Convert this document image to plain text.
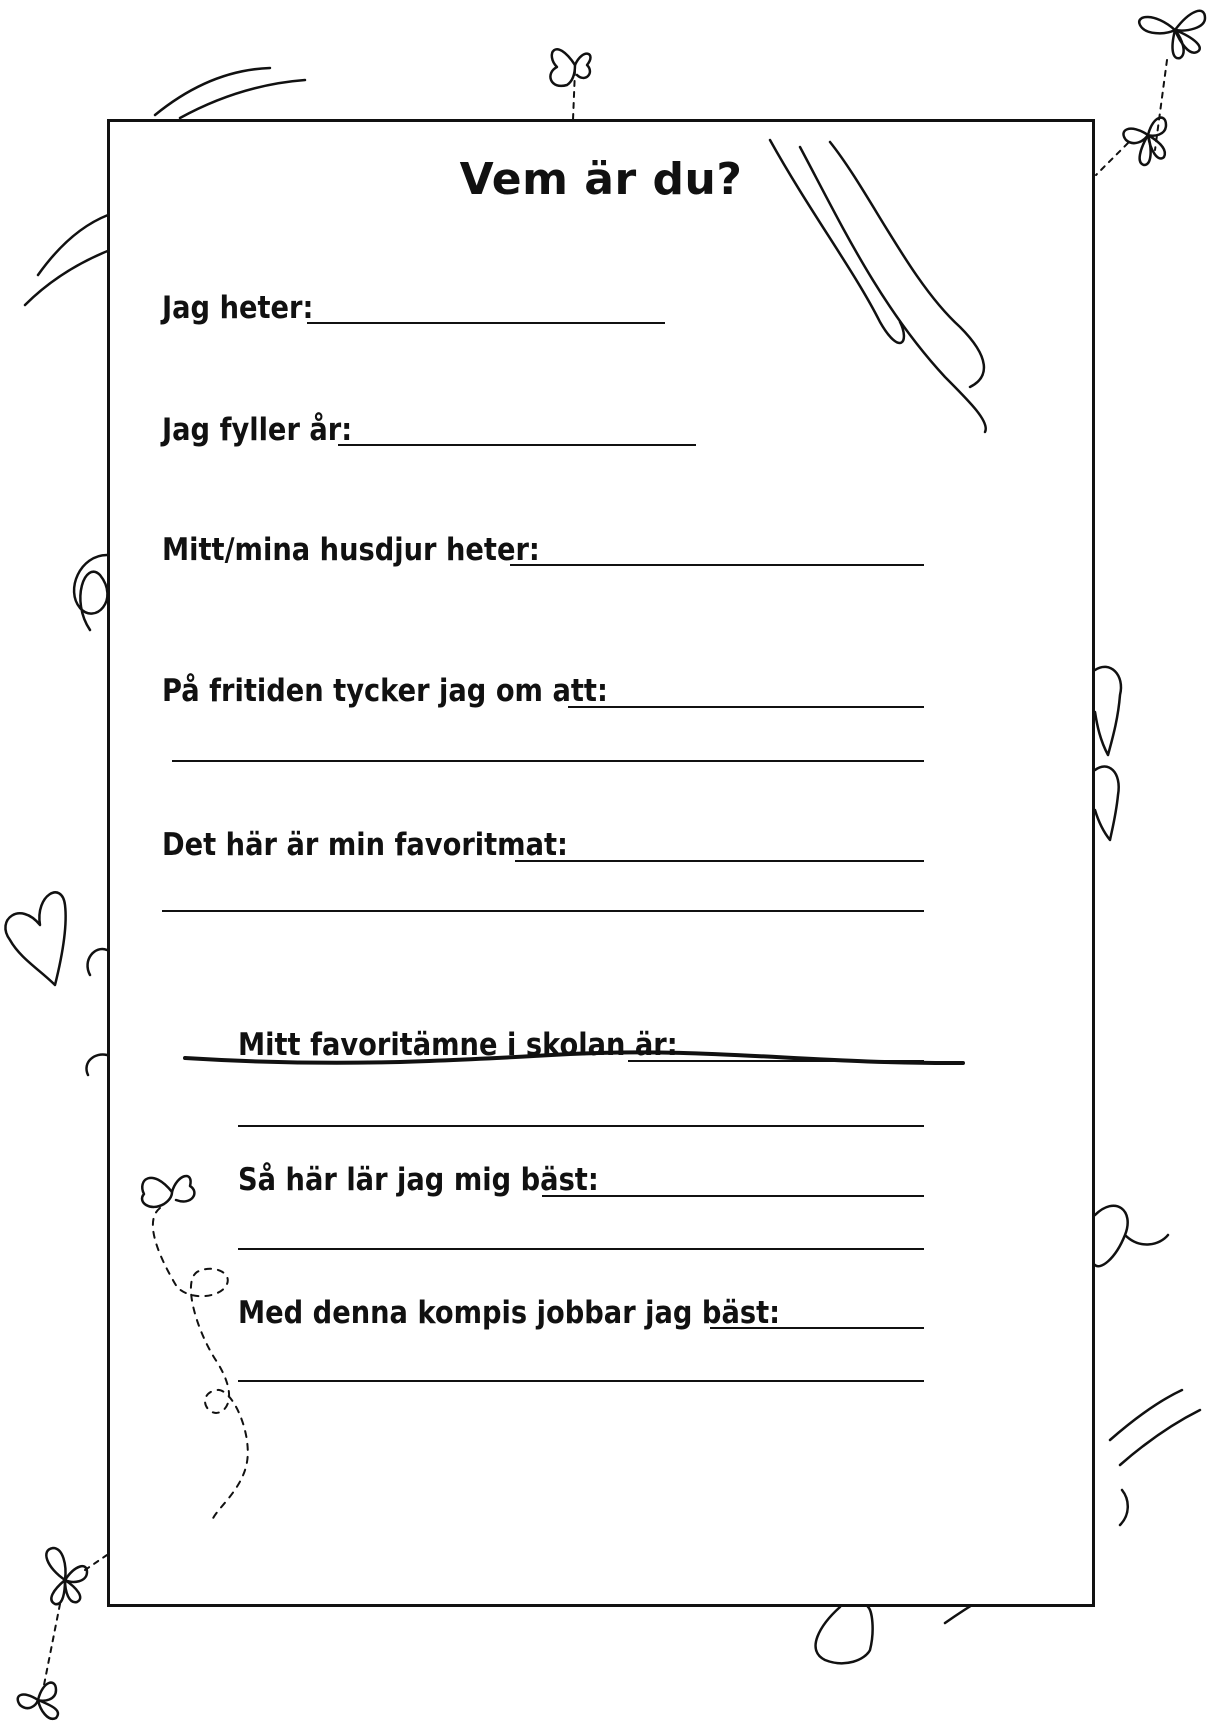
Vem är du?
Jag heter:
Jag fyller år:
Mitt/mina husdjur heter:
På fritiden tycker jag om att:
Det här är min favoritmat:
Mitt favoritämne i skolan är:
Så här lär jag mig bäst:
Med denna kompis jobbar jag bäst:
